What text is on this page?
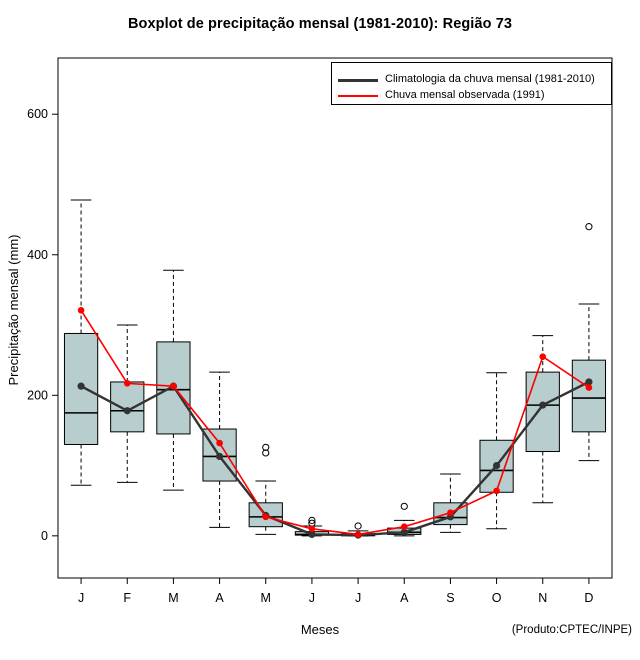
Boxplot de precipitação mensal (1981-2010): Região 73
0
200
400
600
J	F	M	A	M	J	J	A	S	O	N	D
Precipitação mensal (mm)
Meses	(Produto:CPTEC/INPE)
Climatologia da chuva mensal (1981-2010)
Chuva mensal observada (1991)
